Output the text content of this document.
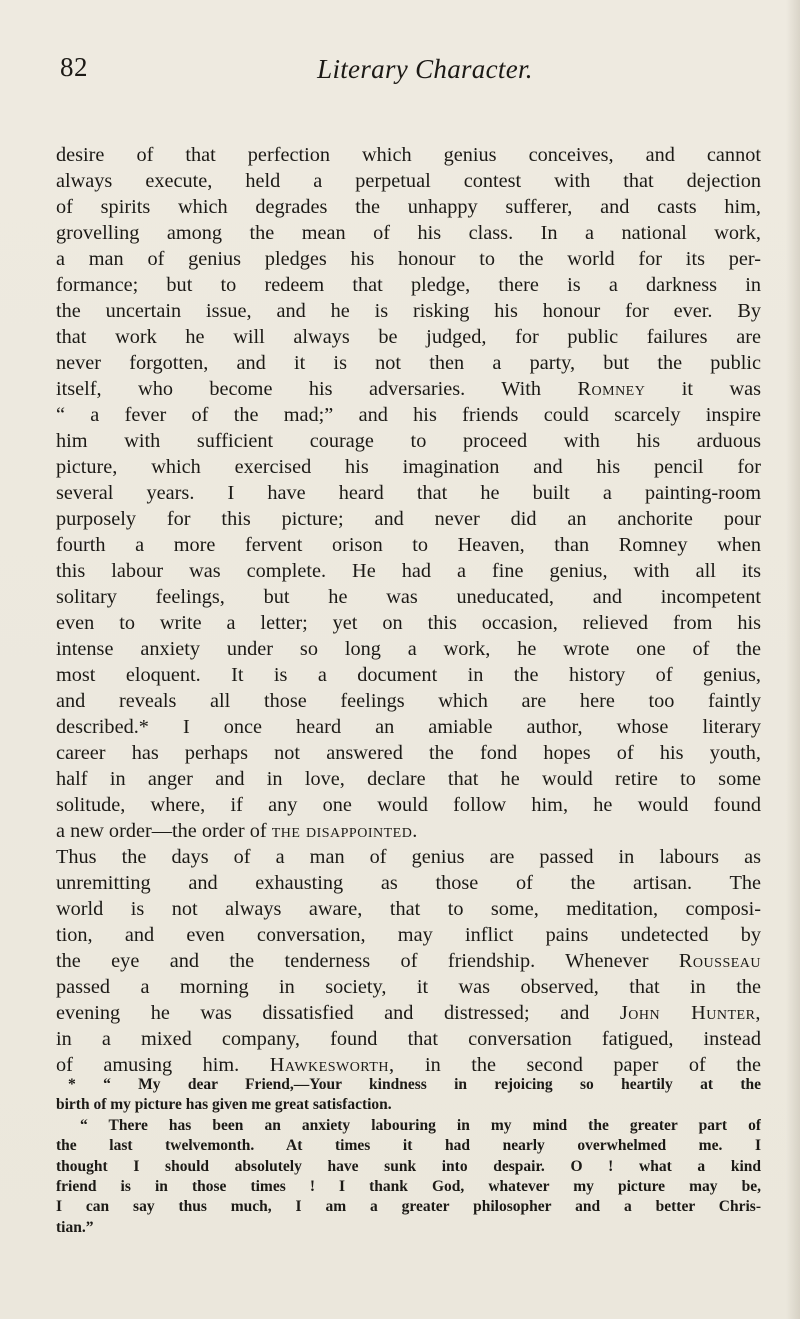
82	Literary Character.

desire of that perfection which genius conceives, and cannot

always execute, held a perpetual contest with that dejection

of spirits which degrades the unhappy sufferer, and casts him,

grovelling among the mean of his class. In a national work,

a man of genius pledges his honour to the world for its per-

formance; but to redeem that pledge, there is a darkness in

the uncertain issue, and he is risking his honour for ever. By

that work he will always be judged, for public failures are

never forgotten, and it is not then a party, but the public

itself, who become his adversaries. With Romney it was

“ a fever of the mad;” and his friends could scarcely inspire

him with sufficient courage to proceed with his arduous

picture, which exercised his imagination and his pencil for

several years. I have heard that he built a painting-room

purposely for this picture; and never did an anchorite pour

fourth a more fervent orison to Heaven, than Romney when

this labour was complete. He had a fine genius, with all its

solitary feelings, but he was uneducated, and incompetent

even to write a letter; yet on this occasion, relieved from his

intense anxiety under so long a work, he wrote one of the

most eloquent. It is a document in the history of genius,

and reveals all those feelings which are here too faintly

described.* I once heard an amiable author, whose literary

career has perhaps not answered the fond hopes of his youth,

half in anger and in love, declare that he would retire to some

solitude, where, if any one would follow him, he would found

a new order—the order of the disappointed.

Thus the days of a man of genius are passed in labours as

unremitting and exhausting as those of the artisan. The

world is not always aware, that to some, meditation, composi-

tion, and even conversation, may inflict pains undetected by

the eye and the tenderness of friendship. Whenever Rousseau

passed a morning in society, it was observed, that in the

evening he was dissatisfied and distressed; and John Hunter,

in a mixed company, found that conversation fatigued, instead

of amusing him. Hawkesworth, in the second paper of the

* “ My dear Friend,—Your kindness in rejoicing so heartily at the

birth of my picture has given me great satisfaction.

“ There has been an anxiety labouring in my mind the greater part of

the last twelvemonth. At times it had nearly overwhelmed me. I

thought I should absolutely have sunk into despair. O ! what a kind

friend is in those times ! I thank God, whatever my picture may be,

I can say thus much, I am a greater philosopher and a better Chris-

tian.”
